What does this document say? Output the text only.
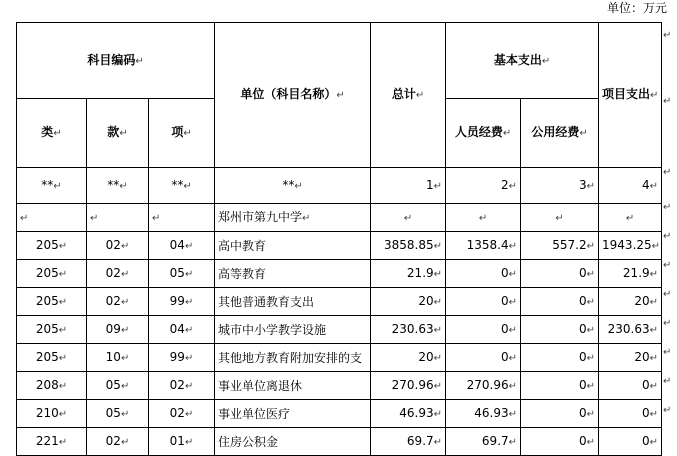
单位：万元
科目编码↵			单位（科目名称）↵	总计↵	基本支出↵		项目支出↵
类↵	款↵	项↵			人员经费↵	公用经费↵	
**↵	**↵	**↵	**↵	1↵	2↵	3↵	4↵
↵	↵	↵	郑州市第九中学↵	↵	↵	↵	↵
205↵	02↵	04↵	高中教育	3858.85↵	1358.4↵	557.2↵	1943.25↵
205↵	02↵	05↵	高等教育	21.9↵	0↵	0↵	21.9↵
205↵	02↵	99↵	其他普通教育支出	20↵	0↵	0↵	20↵
205↵	09↵	04↵	城市中小学教学设施	230.63↵	0↵	0↵	230.63↵
205↵	10↵	99↵	其他地方教育附加安排的支	20↵	0↵	0↵	20↵
208↵	05↵	02↵	事业单位离退休	270.96↵	270.96↵	0↵	0↵
210↵	05↵	02↵	事业单位医疗	46.93↵	46.93↵	0↵	0↵
221↵	02↵	01↵	住房公积金	69.7↵	69.7↵	0↵	0↵
↵
↵
↵
↵
↵
↵
↵
↵
↵
↵
↵
